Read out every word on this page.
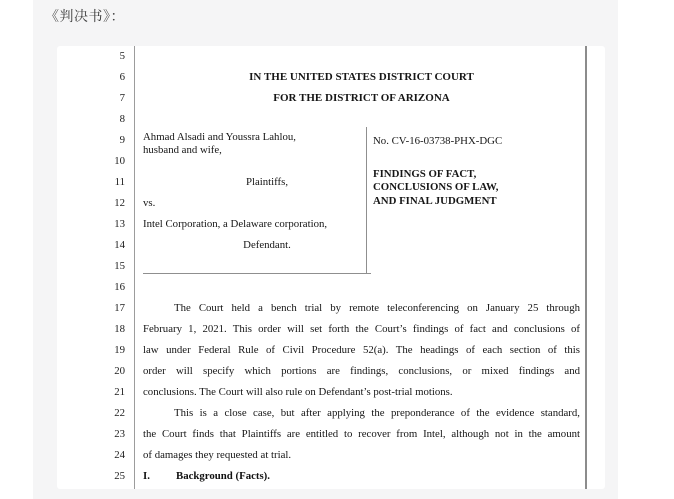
《判决书》：
5
6
7
8
9
10
11
12
13
14
15
16
17
18
19
20
21
22
23
24
25
IN THE UNITED STATES DISTRICT COURT
FOR THE DISTRICT OF ARIZONA
Ahmad Alsadi and Youssra Lahlou,
husband and wife,
Plaintiffs,
vs.
Intel Corporation, a Delaware corporation,
Defendant.
No. CV-16-03738-PHX-DGC
FINDINGS OF FACT,
CONCLUSIONS OF LAW,
AND FINAL JUDGMENT
The Court held a bench trial by remote teleconferencing on January 25 through
February 1, 2021. This order will set forth the Court’s findings of fact and conclusions of
law under Federal Rule of Civil Procedure 52(a). The headings of each section of this
order will specify which portions are findings, conclusions, or mixed findings and
conclusions. The Court will also rule on Defendant’s post-trial motions.
This is a close case, but after applying the preponderance of the evidence standard,
the Court finds that Plaintiffs are entitled to recover from Intel, although not in the amount
of damages they requested at trial.
I. Background (Facts).
